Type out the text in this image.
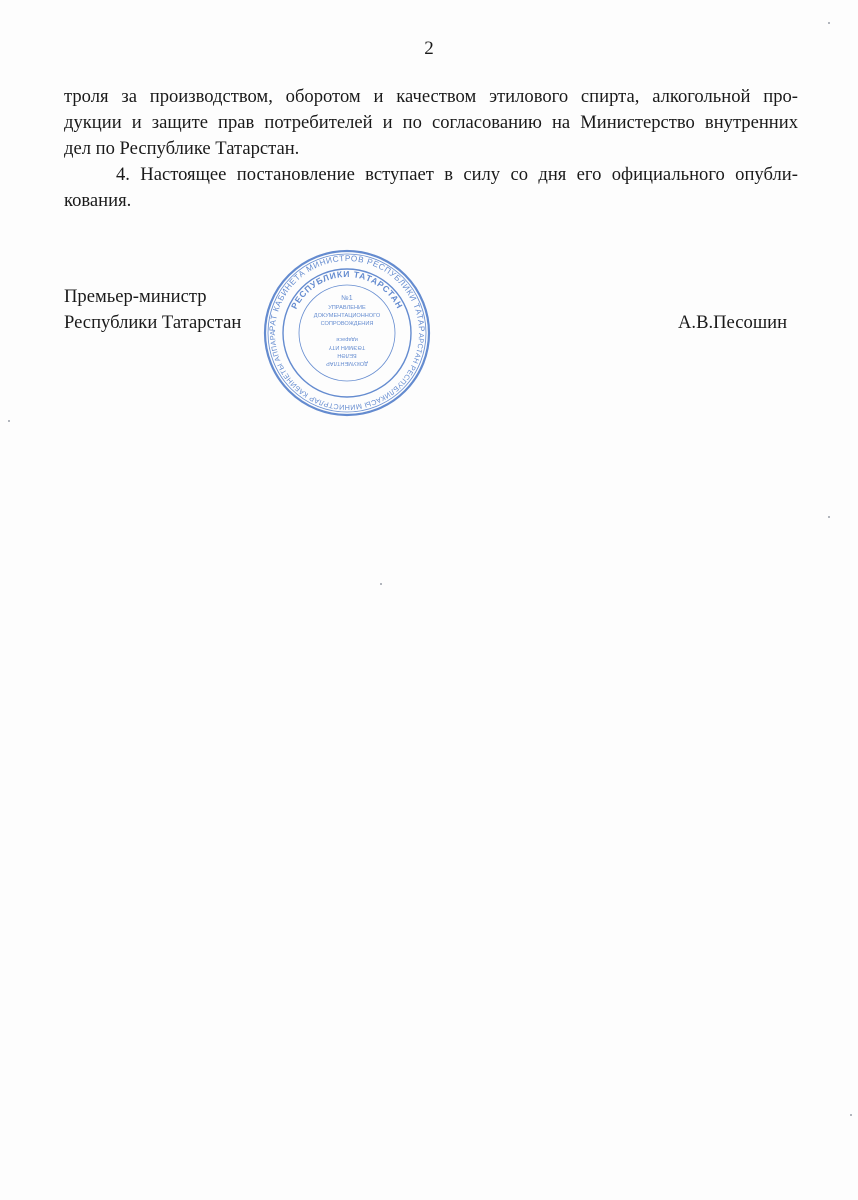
2
троля за производством, оборотом и качеством этилового спирта, алкогольной про-
дукции и защите прав потребителей и по согласованию на Министерство внутренних
дел по Республике Татарстан.
4. Настоящее постановление вступает в силу со дня его официального опубли-
кования.
Премьер-министр
Республики Татарстан	А.В.Песошин
РАТ КАБИНЕТА МИНИСТРОВ РЕСПУБЛИКИ ТАТАР
РЕСПУБЛИКИ ТАТАРСТАН
АРСТАН РЕСПУБЛИКАСЫ МИНИСТРЛАР КАБИНЕТЫ АППАРА
№1
УПРАВЛЕНИЕ
ДОКУМЕНТАЦИОННОГО
СОПРОВОЖДЕНИЯ
ДОКУМЕНТЛАР
БЕЛӘН
ТӘЭМИН ИТҮ
идарәсе
